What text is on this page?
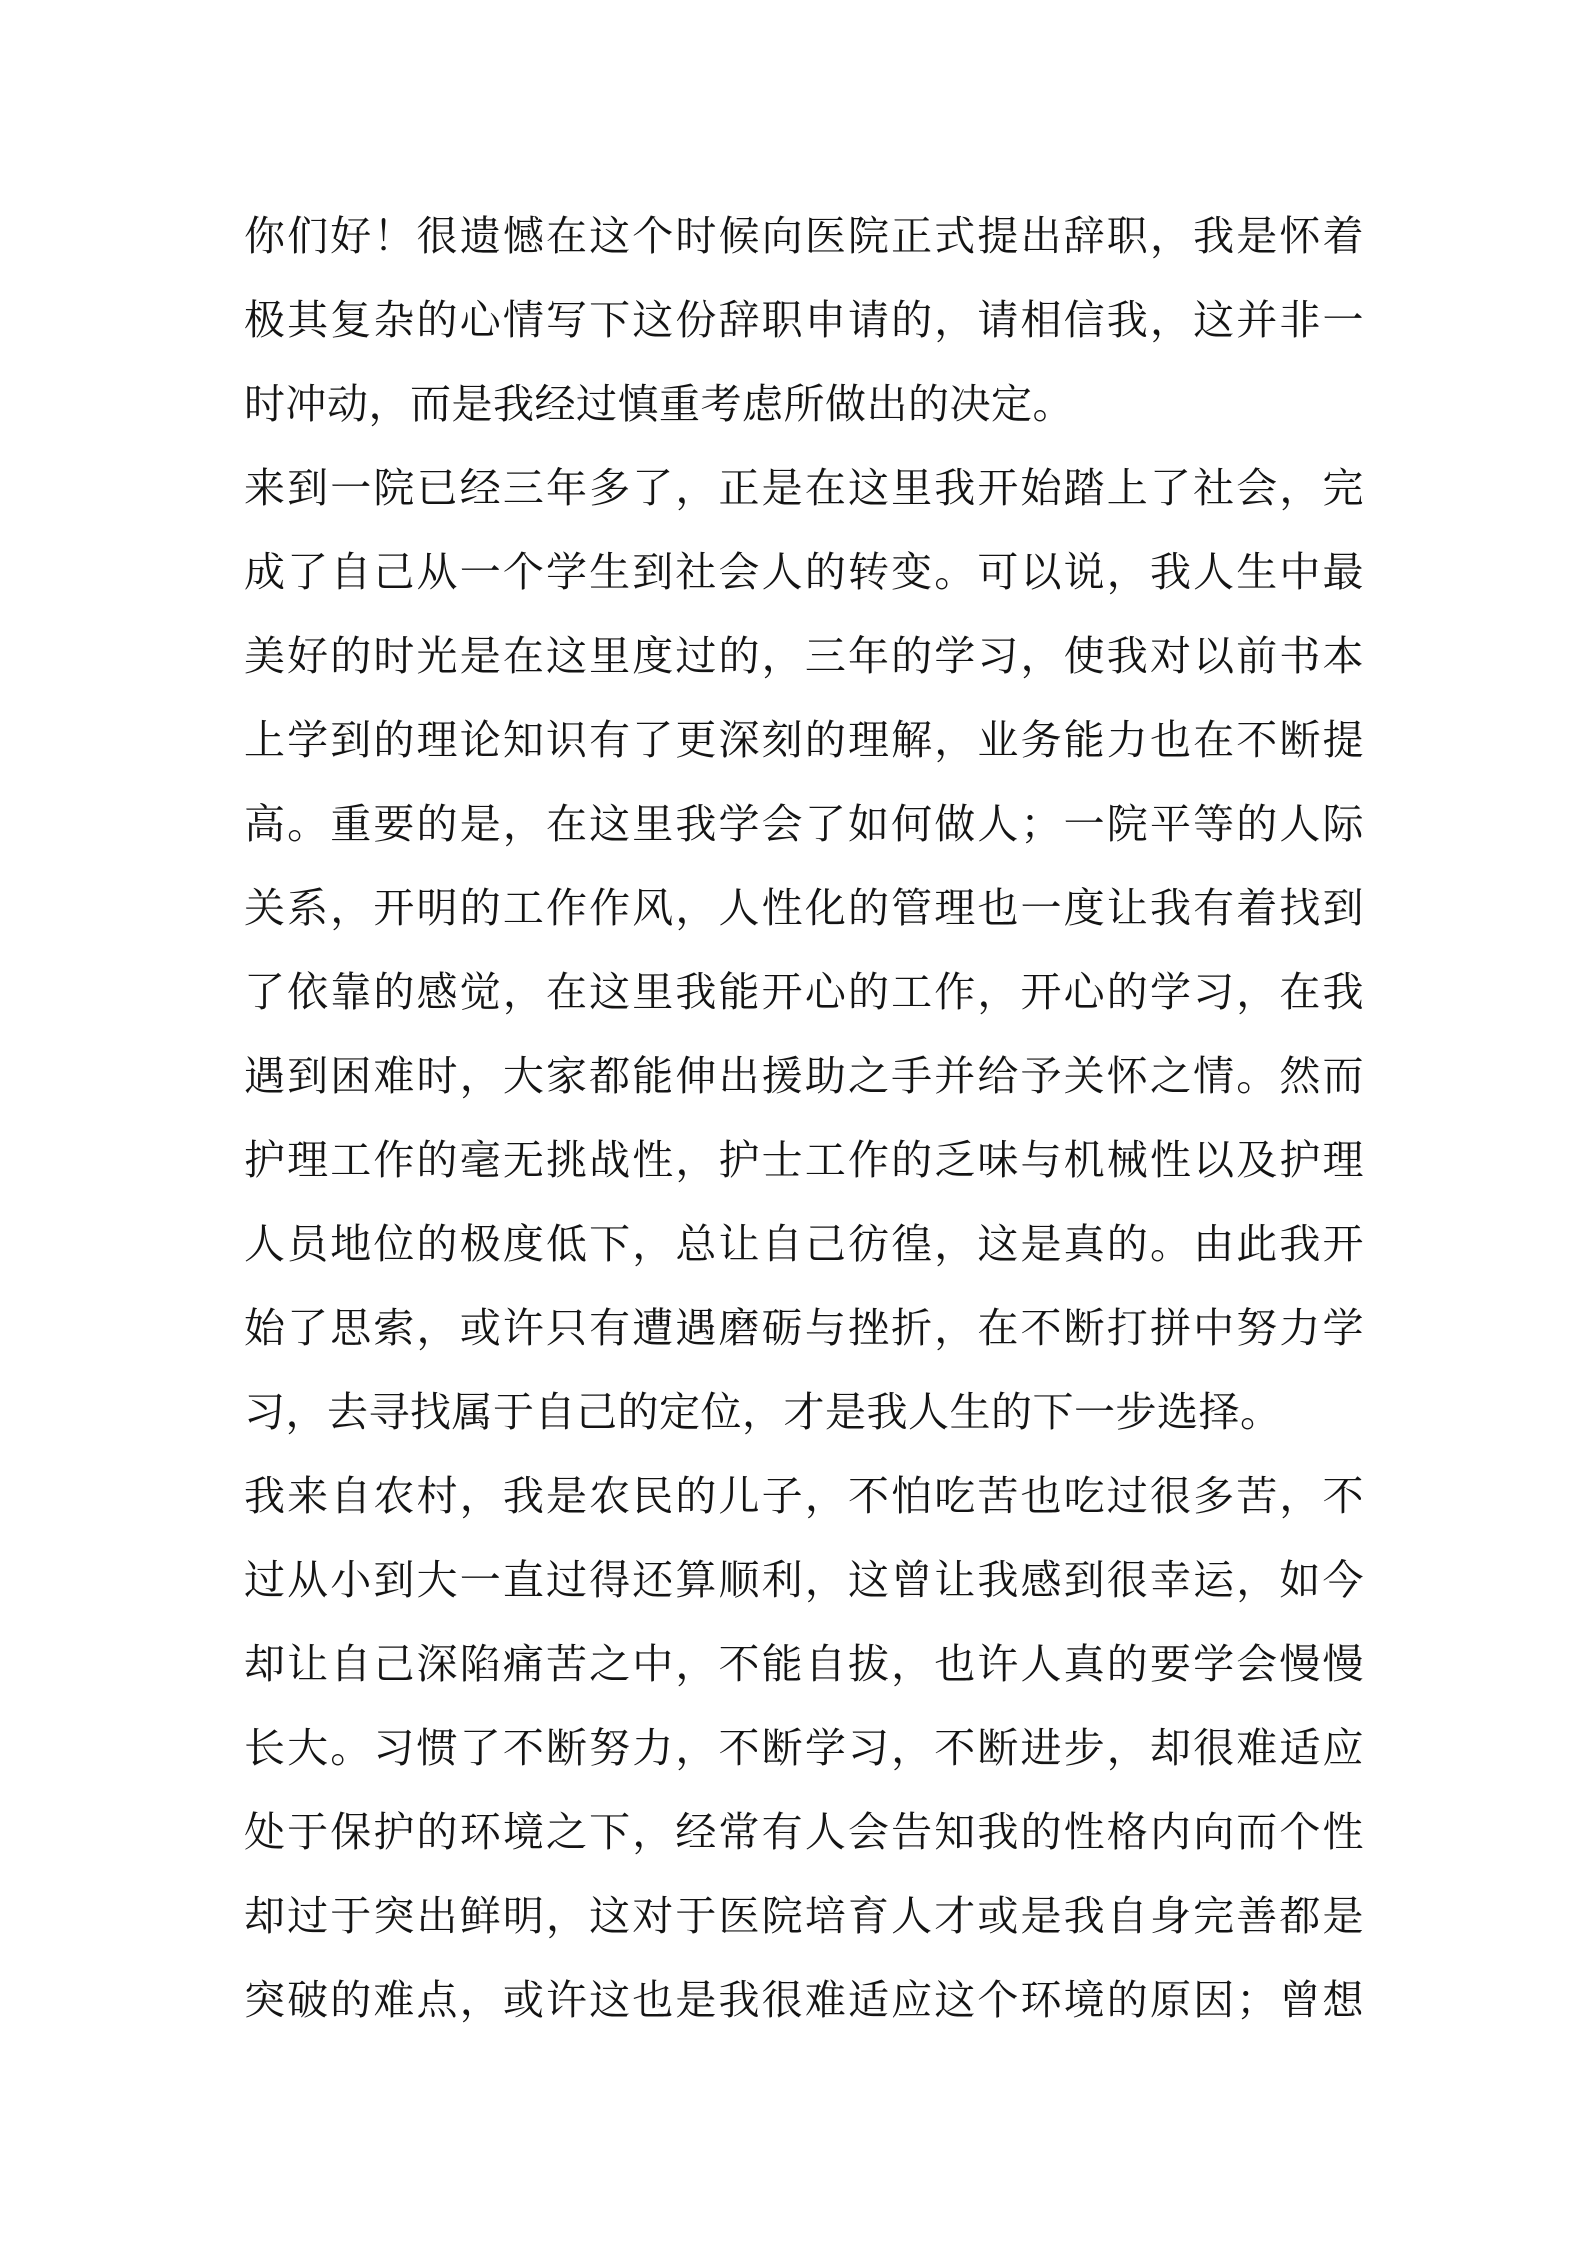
你们好！很遗憾在这个时候向医院正式提出辞职，我是怀着
极其复杂的心情写下这份辞职申请的，请相信我，这并非一
时冲动，而是我经过慎重考虑所做出的决定。
来到一院已经三年多了，正是在这里我开始踏上了社会，完
成了自己从一个学生到社会人的转变。可以说，我人生中最
美好的时光是在这里度过的，三年的学习，使我对以前书本
上学到的理论知识有了更深刻的理解，业务能力也在不断提
高。重要的是，在这里我学会了如何做人；一院平等的人际
关系，开明的工作作风，人性化的管理也一度让我有着找到
了依靠的感觉，在这里我能开心的工作，开心的学习，在我
遇到困难时，大家都能伸出援助之手并给予关怀之情。然而
护理工作的毫无挑战性，护士工作的乏味与机械性以及护理
人员地位的极度低下，总让自己彷徨，这是真的。由此我开
始了思索，或许只有遭遇磨砺与挫折，在不断打拼中努力学
习，去寻找属于自己的定位，才是我人生的下一步选择。
我来自农村，我是农民的儿子，不怕吃苦也吃过很多苦，不
过从小到大一直过得还算顺利，这曾让我感到很幸运，如今
却让自己深陷痛苦之中，不能自拔，也许人真的要学会慢慢
长大。习惯了不断努力，不断学习，不断进步，却很难适应
处于保护的环境之下，经常有人会告知我的性格内向而个性
却过于突出鲜明，这对于医院培育人才或是我自身完善都是
突破的难点，或许这也是我很难适应这个环境的原因；曾想
